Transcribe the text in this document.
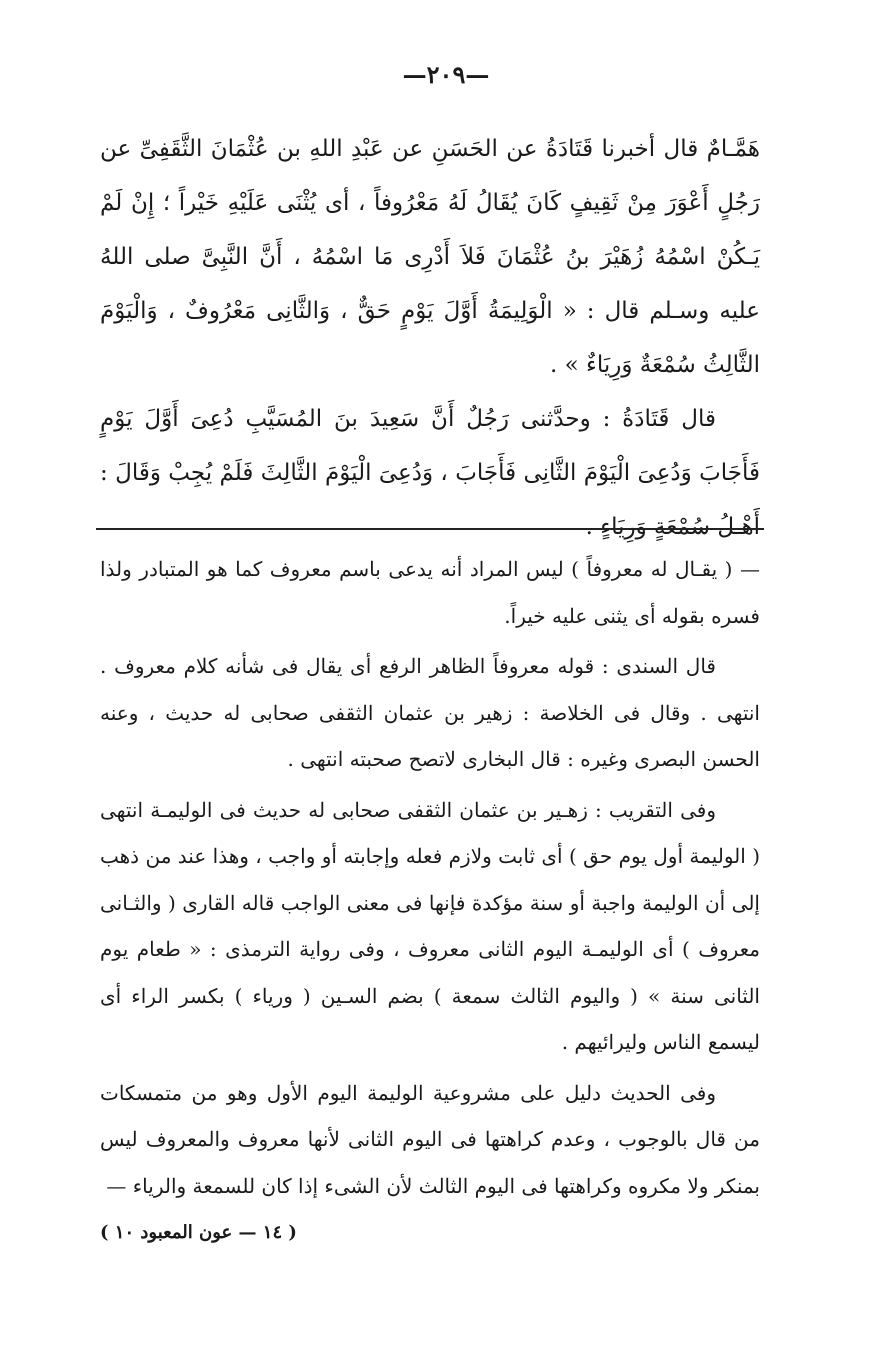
—٢٠٩—

هَمَّـامٌ قال أخبرنا قَتَادَةُ عن الحَسَنِ عن عَبْدِ اللهِ بن عُثْمَانَ الثَّقَفِىِّ عن رَجُلٍ أَعْوَرَ مِنْ ثَقِيفٍ كَانَ يُقَالُ لَهُ مَعْرُوفاً ، أى يُثْنَى عَلَيْهِ خَيْراً ؛ إِنْ لَمْ يَـكُنْ اسْمُهُ زُهَيْرَ بنُ عُثْمَانَ فَلاَ أَدْرِى مَا اسْمُهُ ، أَنَّ النَّبِىَّ صلى اللهُ عليه وسـلم قال : « الْوَلِيمَةُ أَوَّلَ يَوْمٍ حَقٌّ ، وَالثَّانِى مَعْرُوفٌ ، وَالْيَوْمَ الثَّالِثُ سُمْعَةٌ وَرِيَاءٌ » .

قال قَتَادَةُ : وحدَّثنى رَجُلٌ أَنَّ سَعِيدَ بنَ المُسَيَّبِ دُعِىَ أَوَّلَ يَوْمٍ فَأَجَابَ وَدُعِىَ الْيَوْمَ الثَّانِى فَأَجَابَ ، وَدُعِىَ الْيَوْمَ الثَّالِثَ فَلَمْ يُجِبْ وَقَالَ : أَهْـلُ سُمْعَةٍ وَرِيَاءٍ .

— ( يقـال له معروفاً ) ليس المراد أنه يدعى باسم معروف كما هو المتبادر ولذا فسره بقوله أى يثنى عليه خيراً.

قال السندى : قوله معروفاً الظاهر الرفع أى يقال فى شأنه كلام معروف . انتهى . وقال فى الخلاصة : زهير بن عثمان الثقفى صحابى له حديث ، وعنه الحسن البصرى وغيره : قال البخارى لاتصح صحبته انتهى .

وفى التقريب : زهـير بن عثمان الثقفى صحابى له حديث فى الوليمـة انتهى ( الوليمة أول يوم حق ) أى ثابت ولازم فعله وإجابته أو واجب ، وهذا عند من ذهب إلى أن الوليمة واجبة أو سنة مؤكدة فإنها فى معنى الواجب قاله القارى ( والثـانى معروف ) أى الوليمـة اليوم الثانى معروف ، وفى رواية الترمذى : « طعام يوم الثانى سنة » ( واليوم الثالث سمعة ) بضم السـين ( ورياء ) بكسر الراء أى ليسمع الناس وليرائيهم .

وفى الحديث دليل على مشروعية الوليمة اليوم الأول وهو من متمسكات من قال بالوجوب ، وعدم كراهتها فى اليوم الثانى لأنها معروف والمعروف ليس بمنكر ولا مكروه وكراهتها فى اليوم الثالث لأن الشىء إذا كان للسمعة والرياء —

( ١٤ — عون المعبود ١٠ )
